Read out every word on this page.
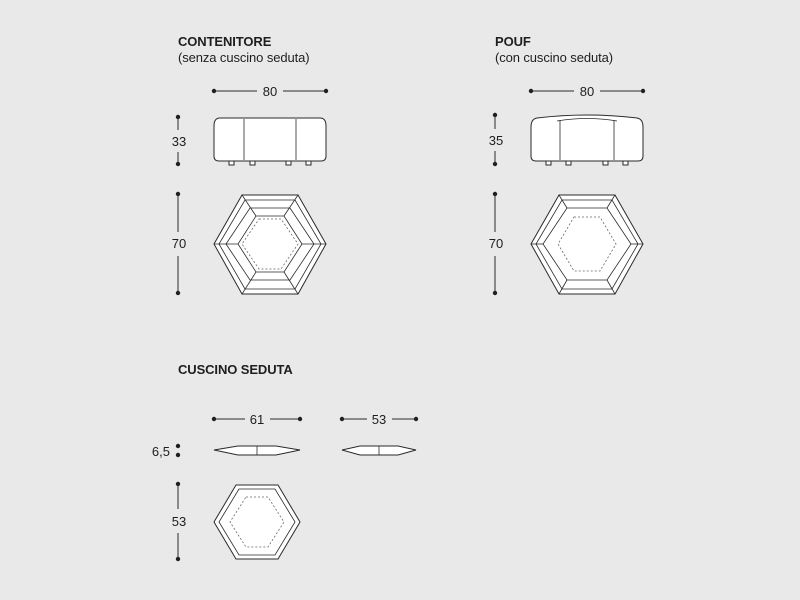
CONTENITORE
(senza cuscino seduta)
POUF
(con cuscino seduta)
CUSCINO SEDUTA
80
33
70
80
35
70
61	53
6,5
53
